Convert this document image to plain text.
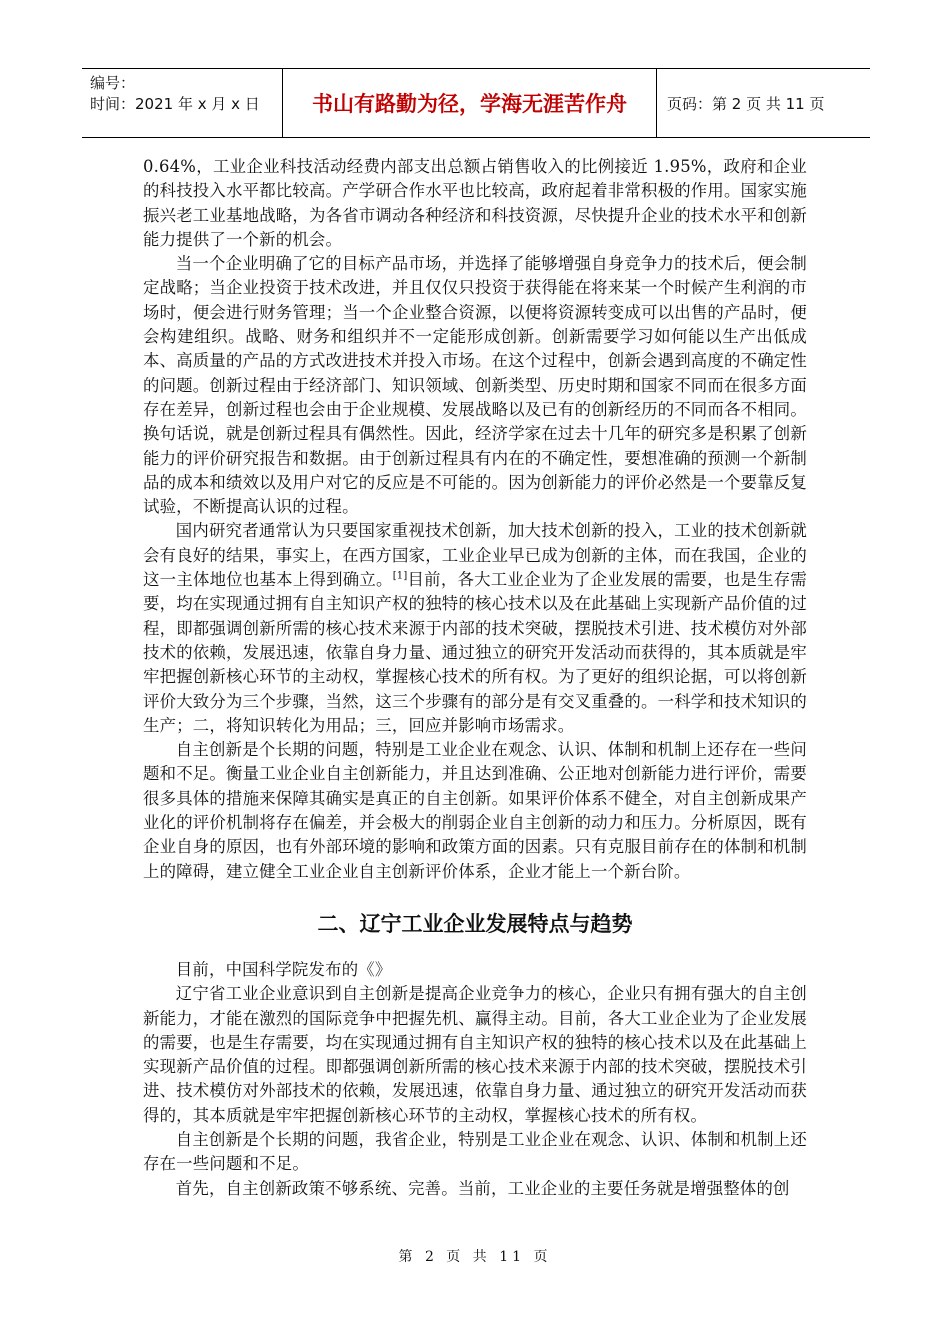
编号：
时间：2021 年 x 月 x 日	书山有路勤为径，学海无涯苦作舟	页码：第 2 页 共 11 页

0.64%，工业企业科技活动经费内部支出总额占销售收入的比例接近 1.95%，政府和企业的科技投入水平都比较高。产学研合作水平也比较高，政府起着非常积极的作用。国家实施振兴老工业基地战略，为各省市调动各种经济和科技资源，尽快提升企业的技术水平和创新能力提供了一个新的机会。

当一个企业明确了它的目标产品市场，并选择了能够增强自身竞争力的技术后，便会制定战略；当企业投资于技术改进，并且仅仅只投资于获得能在将来某一个时候产生利润的市场时，便会进行财务管理；当一个企业整合资源，以便将资源转变成可以出售的产品时，便会构建组织。战略、财务和组织并不一定能形成创新。创新需要学习如何能以生产出低成本、高质量的产品的方式改进技术并投入市场。在这个过程中，创新会遇到高度的不确定性的问题。创新过程由于经济部门、知识领域、创新类型、历史时期和国家不同而在很多方面存在差异，创新过程也会由于企业规模、发展战略以及已有的创新经历的不同而各不相同。换句话说，就是创新过程具有偶然性。因此，经济学家在过去十几年的研究多是积累了创新能力的评价研究报告和数据。由于创新过程具有内在的不确定性，要想准确的预测一个新制品的成本和绩效以及用户对它的反应是不可能的。因为创新能力的评价必然是一个要靠反复试验，不断提高认识的过程。

国内研究者通常认为只要国家重视技术创新，加大技术创新的投入，工业的技术创新就会有良好的结果，事实上，在西方国家，工业企业早已成为创新的主体，而在我国，企业的这一主体地位也基本上得到确立。[1]目前，各大工业企业为了企业发展的需要，也是生存需要，均在实现通过拥有自主知识产权的独特的核心技术以及在此基础上实现新产品价值的过程，即都强调创新所需的核心技术来源于内部的技术突破，摆脱技术引进、技术模仿对外部技术的依赖，发展迅速，依靠自身力量、通过独立的研究开发活动而获得的，其本质就是牢牢把握创新核心环节的主动权，掌握核心技术的所有权。为了更好的组织论据，可以将创新评价大致分为三个步骤，当然，这三个步骤有的部分是有交叉重叠的。一科学和技术知识的生产；二，将知识转化为用品；三，回应并影响市场需求。

自主创新是个长期的问题，特别是工业企业在观念、认识、体制和机制上还存在一些问题和不足。衡量工业企业自主创新能力，并且达到准确、公正地对创新能力进行评价，需要很多具体的措施来保障其确实是真正的自主创新。如果评价体系不健全，对自主创新成果产业化的评价机制将存在偏差，并会极大的削弱企业自主创新的动力和压力。分析原因，既有企业自身的原因，也有外部环境的影响和政策方面的因素。只有克服目前存在的体制和机制上的障碍，建立健全工业企业自主创新评价体系，企业才能上一个新台阶。

二、辽宁工业企业发展特点与趋势

目前，中国科学院发布的《》

辽宁省工业企业意识到自主创新是提高企业竞争力的核心，企业只有拥有强大的自主创新能力，才能在激烈的国际竞争中把握先机、赢得主动。目前，各大工业企业为了企业发展的需要，也是生存需要，均在实现通过拥有自主知识产权的独特的核心技术以及在此基础上实现新产品价值的过程。即都强调创新所需的核心技术来源于内部的技术突破，摆脱技术引进、技术模仿对外部技术的依赖，发展迅速，依靠自身力量、通过独立的研究开发活动而获得的，其本质就是牢牢把握创新核心环节的主动权，掌握核心技术的所有权。

自主创新是个长期的问题，我省企业，特别是工业企业在观念、认识、体制和机制上还存在一些问题和不足。

首先，自主创新政策不够系统、完善。当前，工业企业的主要任务就是增强整体的创

第 2 页 共 11 页
